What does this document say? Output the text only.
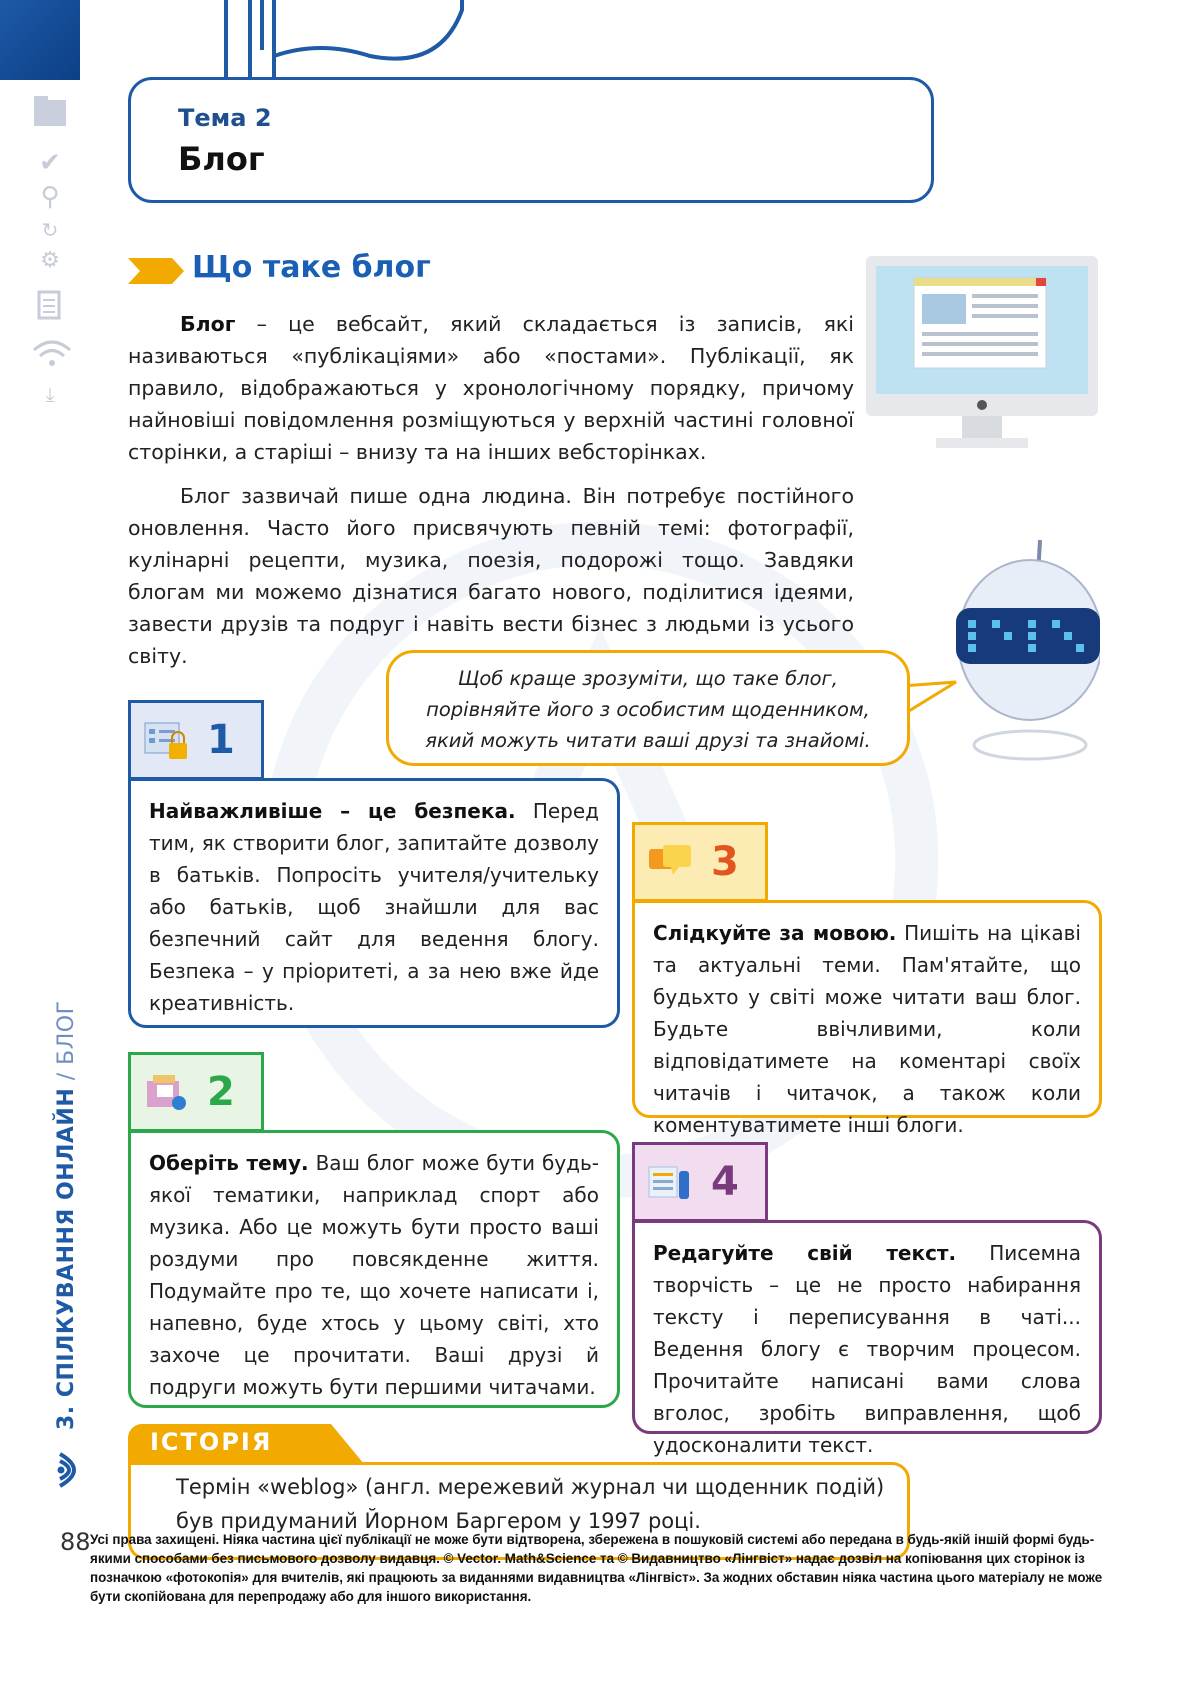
✔
⚲
↻
⚙
⤓
Тема 2
Блог
Що таке блог
Блог – це вебсайт, який складається із записів, які називаються «публікаціями» або «постами». Публікації, як правило, відображаються у хронологічному порядку, причому найновіші повідомлення розміщуються у верхній частині головної сторінки, а старіші – внизу та на інших вебсторінках.
Блог зазвичай пише одна людина. Він потребує постійного оновлення. Часто його присвячують певній темі: фотографії, кулінарні рецепти, музика, поезія, подорожі тощо. Завдяки блогам ми можемо дізнатися багато нового, поділитися ідеями, завести друзів та подруг і навіть вести бізнес з людьми із усього світу.
Щоб краще зрозуміти, що таке блог,
порівняйте його з особистим щоденником,
який можуть читати ваші друзі та знайомі.
1
Найважливіше – це безпека. Перед тим, як створити блог, запитайте дозволу в батьків. Попросіть учителя/учительку або батьків, щоб знайшли для вас безпечний сайт для ведення блогу. Безпека – у пріоритеті, а за нею вже йде креативність.
2
Оберіть тему. Ваш блог може бути будь-якої тематики, наприклад спорт або музика. Або це можуть бути просто ваші роздуми про повсякденне життя. Подумайте про те, що хочете написати і, напевно, буде хтось у цьому світі, хто захоче це прочитати. Ваші друзі й подруги можуть бути першими читачами.
3
Слідкуйте за мовою. Пишіть на цікаві та актуальні теми. Пам'ятайте, що будьхто у світі може читати ваш блог. Будьте ввічливими, коли відповідатимете на коментарі своїх читачів і читачок, а також коли коментуватимете інші блоги.
4
Редагуйте свій текст. Писемна творчість – це не просто набирання тексту і переписування в чаті... Ведення блогу є творчим процесом. Прочитайте написані вами слова вголос, зробіть виправлення, щоб удосконалити текст.
3. СПІЛКУВАННЯ ОНЛАЙН / БЛОГ
ІСТОРІЯ
Термін «weblog» (англ. мережевий журнал чи щоденник подій) був придуманий Йорном Баргером у 1997 році.
88 Усі права захищені. Ніяка частина цієї публікації не може бути відтворена, збережена в пошуковій системі або передана в будь-якій іншій формі будь-якими способами без письмового дозволу видавця. © Vector. Math&Science та © Видавництво «Лінгвіст» надає дозвіл на копіювання цих сторінок із позначкою «фотокопія» для вчителів, які працюють за виданнями видавництва «Лінгвіст». За жодних обставин ніяка частина цього матеріалу не може бути скопійована для перепродажу або для іншого використання.
